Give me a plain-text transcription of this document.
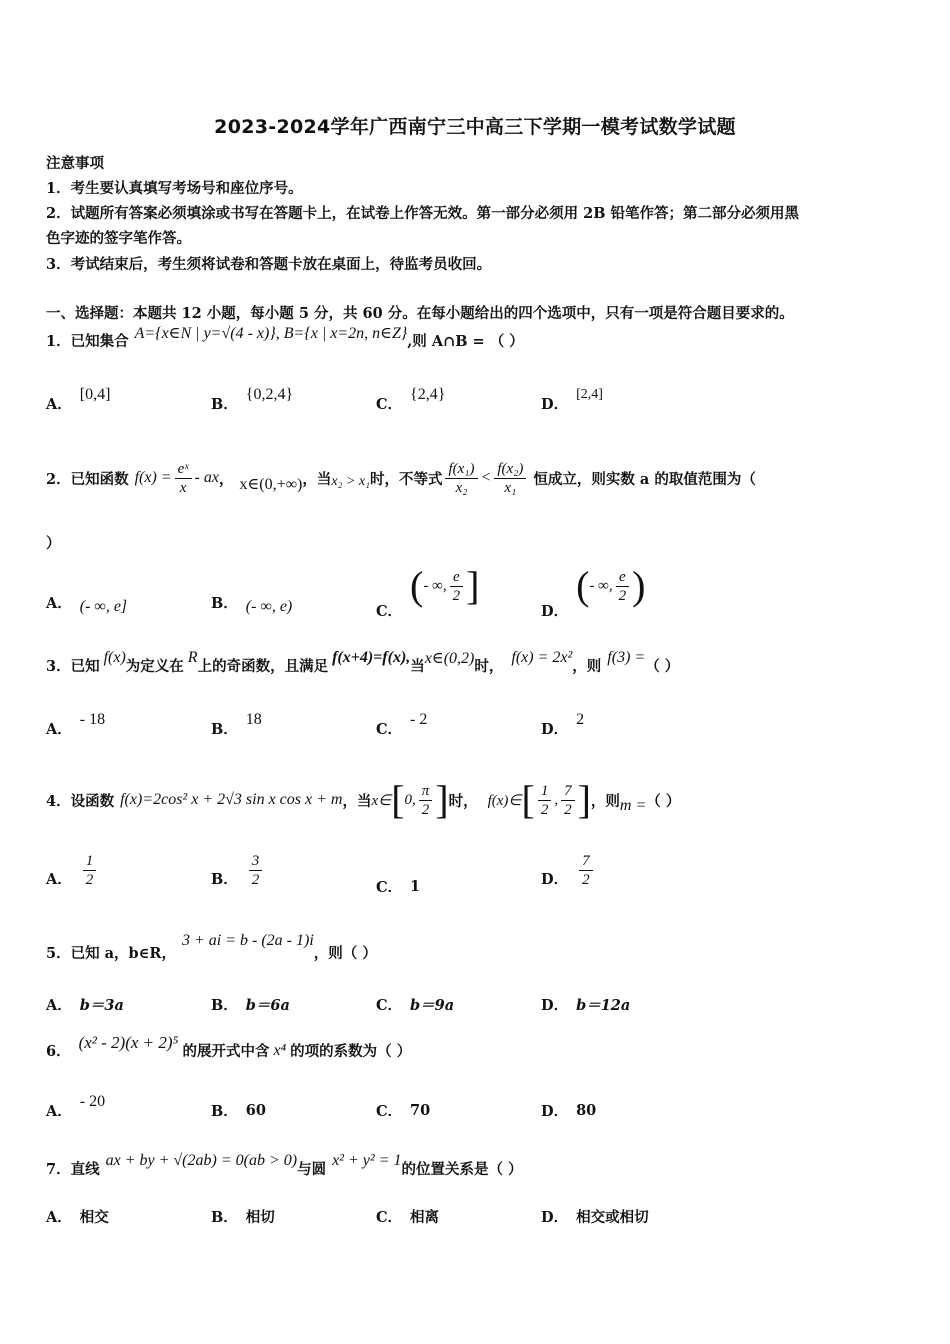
2023-2024学年广西南宁三中高三下学期一模考试数学试题
注意事项
1．考生要认真填写考场号和座位序号。
2．试题所有答案必须填涂或书写在答题卡上，在试卷上作答无效。第一部分必须用 2B 铅笔作答；第二部分必须用黑
色字迹的签字笔作答。
3．考试结束后，考生须将试卷和答题卡放在桌面上，待监考员收回。
一、选择题：本题共 12 小题，每小题 5 分，共 60 分。在每小题给出的四个选项中，只有一项是符合题目要求的。
1．已知集合 A={x∈N | y=√(4 - x)}, B={x | x=2n, n∈Z} ,则 A∩B = （ ）
A．
[0,4]
B．
{0,2,4}
C．
{2,4}
D．
[2,4]
2．已知函数 $f(x) = \frac{\text{eˣ}}{x}$ - ax ， x∈(0,+∞) ，当 x₂ > x₁ 时，不等式 $\frac{\text{f(x₁)}}{\text{x₂}} < \frac{\text{f(x₂)}}{\text{x₁}}$ 恒成立，则实数 a 的取值范围为（
）
A． (- ∞, e]	B． (- ∞, e)	C．
( - ∞, $\frac{e}{2}$ ]
D．
( - ∞, $\frac{e}{2}$ )
3．已知
f(x)
为定义在
R
上的奇函数，且满足
f(x+4)=f(x),
当 x∈(0,2) 时，
f(x) = 2x²
，则
f(3) =
（ ）
A．
- 18
B．
18
C．
- 2
D．
2
4．设函数 f(x)=2cos² x + 2√3 sin x cos x + m ，当 x∈ [ 0, $\frac{\pi}{2}$ ] 时， f(x)∈ [ $\frac{1}{2}$ , $\frac{7}{2}$ ] ，则 m = （ ）
A． $\frac{1}{2}$	B． $\frac{3}{2}$	C． 1	D． $\frac{7}{2}$
5．已知 a，b∈R，
3 + ai = b - (2a - 1)i
，则（ ）
A． b＝3a	B． b＝6a	C． b＝9a	D． b＝12a
6． (x² - 2)(x + 2)⁵ 的展开式中含 x⁴ 的项的系数为（ ）
A．
- 20
B． 60	C． 70	D． 80
7．直线
ax + by + √(2ab) = 0(ab > 0)
与圆
x² + y² = 1
的位置关系是（ ）
A． 相交	B． 相切	C． 相离	D． 相交或相切
